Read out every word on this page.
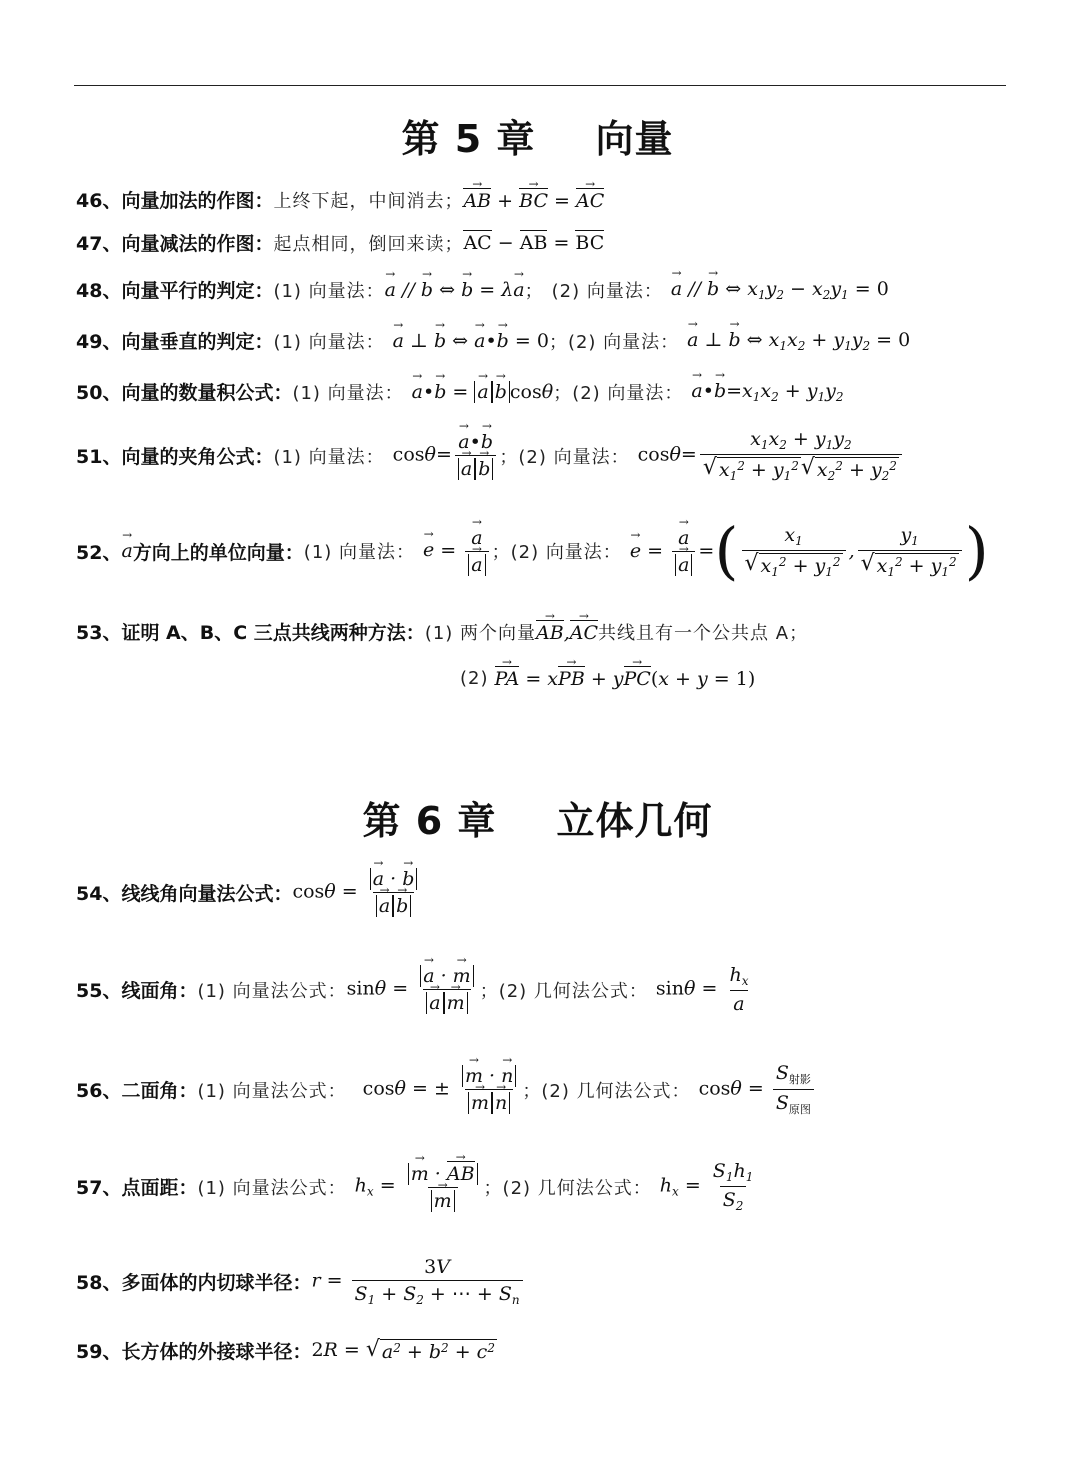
第 5 章 向量
46、向量加法的作图： 上终下起，中间消去； → AB + → BC = → AC
47、向量减法的作图： 起点相同，倒回来读； AC − AB = BC
48、向量平行的判定： (1) 向量法： → a // → b ⇔ → b = λ→ a ； (2) 向量法： → a // → b ⇔ $x_1y_2 - x_2y_1 = 0$
49、向量垂直的判定： (1) 向量法： → a ⊥ → b ⇔ → a•→ b = 0 ； (2) 向量法： → a ⊥ → b ⇔ $x_1x_2 + y_1y_2 = 0$
50、向量的数量积公式： (1) 向量法： → a•→ b = → a → b cosθ ； (2) 向量法： → a•→ $b=x_1x_2 + y_1y_2$
51、向量的夹角公式： (1) 向量法： cosθ= → a•→ b
→ a → b ； (2) 向量法： $\cos\theta= \frac{x_1x_2 + y_1y_2}{√ x_1^2 + y_1^2 √ x_2^2 + y_2^2}$
52、 → a 方向上的单位向量： (1) 向量法： → e = → a
→ a ； (2) 向量法： → e = → a
→ a = ( $\frac{x_1}{√ x_1^2 + y_1^2}$ , $\frac{y_1}{√ x_1^2 + y_1^2}$ )
53、证明 A、B、C 三点共线两种方法： (1) 两个向量 → AB,→ AC 共线且有一个公共点 A；
(2)
→ PA = x→ PB + y→ PC(x + y = 1)
第 6 章 立体几何
54、线线角向量法公式： cosθ = → a · → b
→ a → b
55、线面角： (1) 向量法公式： sinθ = → a · → m
→ a → m ； (2) 几何法公式： $\sin\theta = \frac{h_x}{a}$
56、二面角： (1) 向量法公式： cosθ = ± → m · → n
→ m → n ； (2) 几何法公式： $\cos\theta = \frac{S_{射影}}{S_{原图}}$
57、点面距： (1) 向量法公式： $h_x$ = → m · → AB
→ m ； (2) 几何法公式： $h_x = \frac{S_1h_1}{S_2}$
58、多面体的内切球半径： $r = \frac{3V}{S_1 + S_2 + \cdots + S_n}$
59、长方体的外接球半径： 2R = √ $a^2 + b^2 + c^2$
